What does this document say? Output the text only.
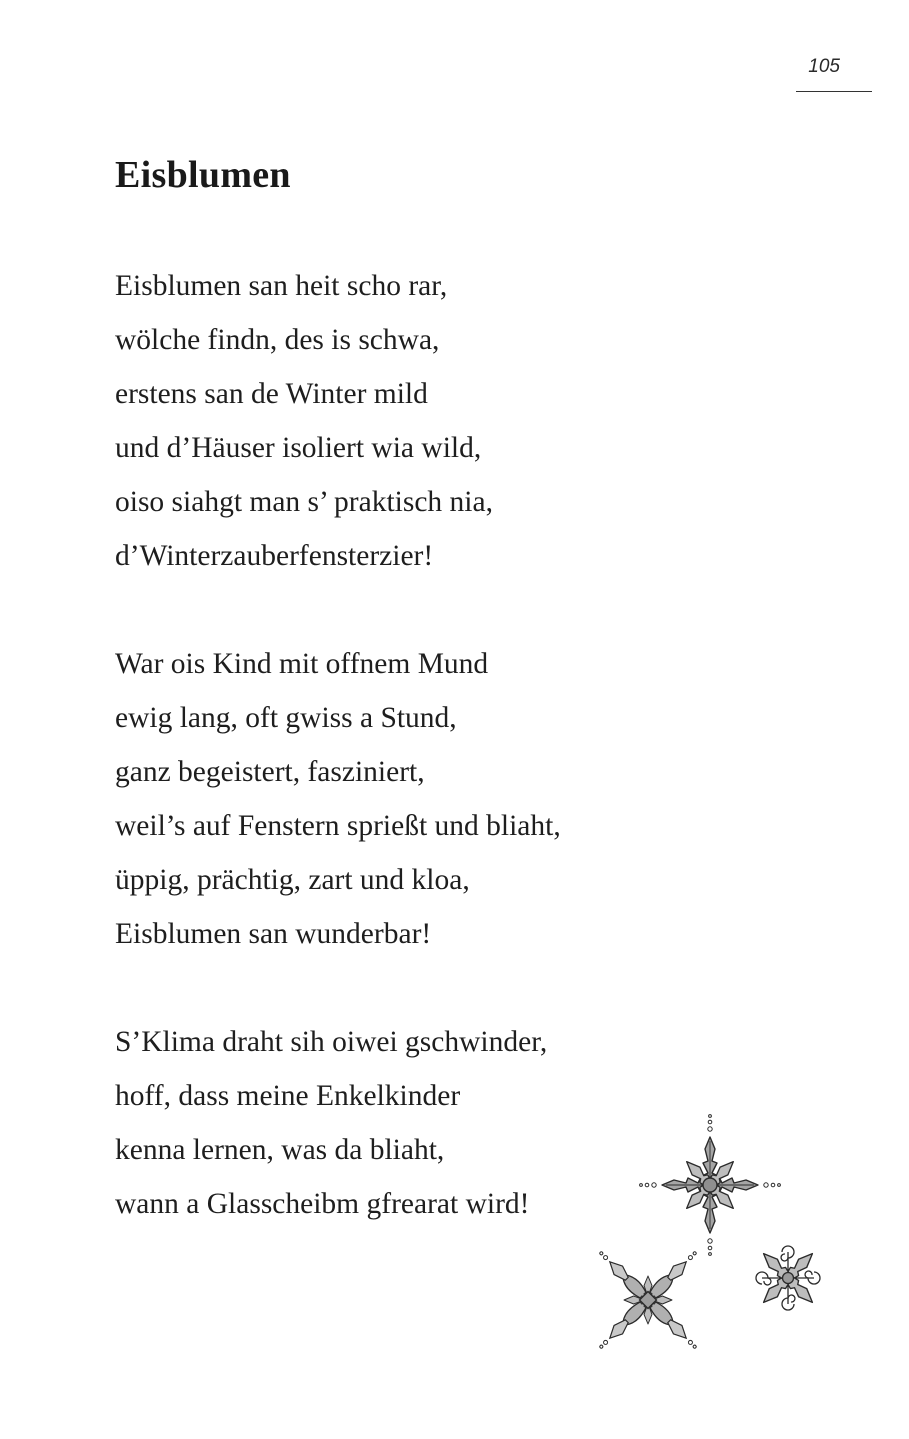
105
Eisblumen
Eisblumen san heit scho rar,
wölche findn, des is schwa,
erstens san de Winter mild
und d’Häuser isoliert wia wild,
oiso siahgt man s’ praktisch nia,
d’Winterzauberfensterzier!
War ois Kind mit offnem Mund
ewig lang, oft gwiss a Stund,
ganz begeistert, fasziniert,
weil’s auf Fenstern sprießt und bliaht,
üppig, prächtig, zart und kloa,
Eisblumen san wunderbar!
S’Klima draht sih oiwei gschwinder,
hoff, dass meine Enkelkinder
kenna lernen, was da bliaht,
wann a Glasscheibm gfrearat wird!
